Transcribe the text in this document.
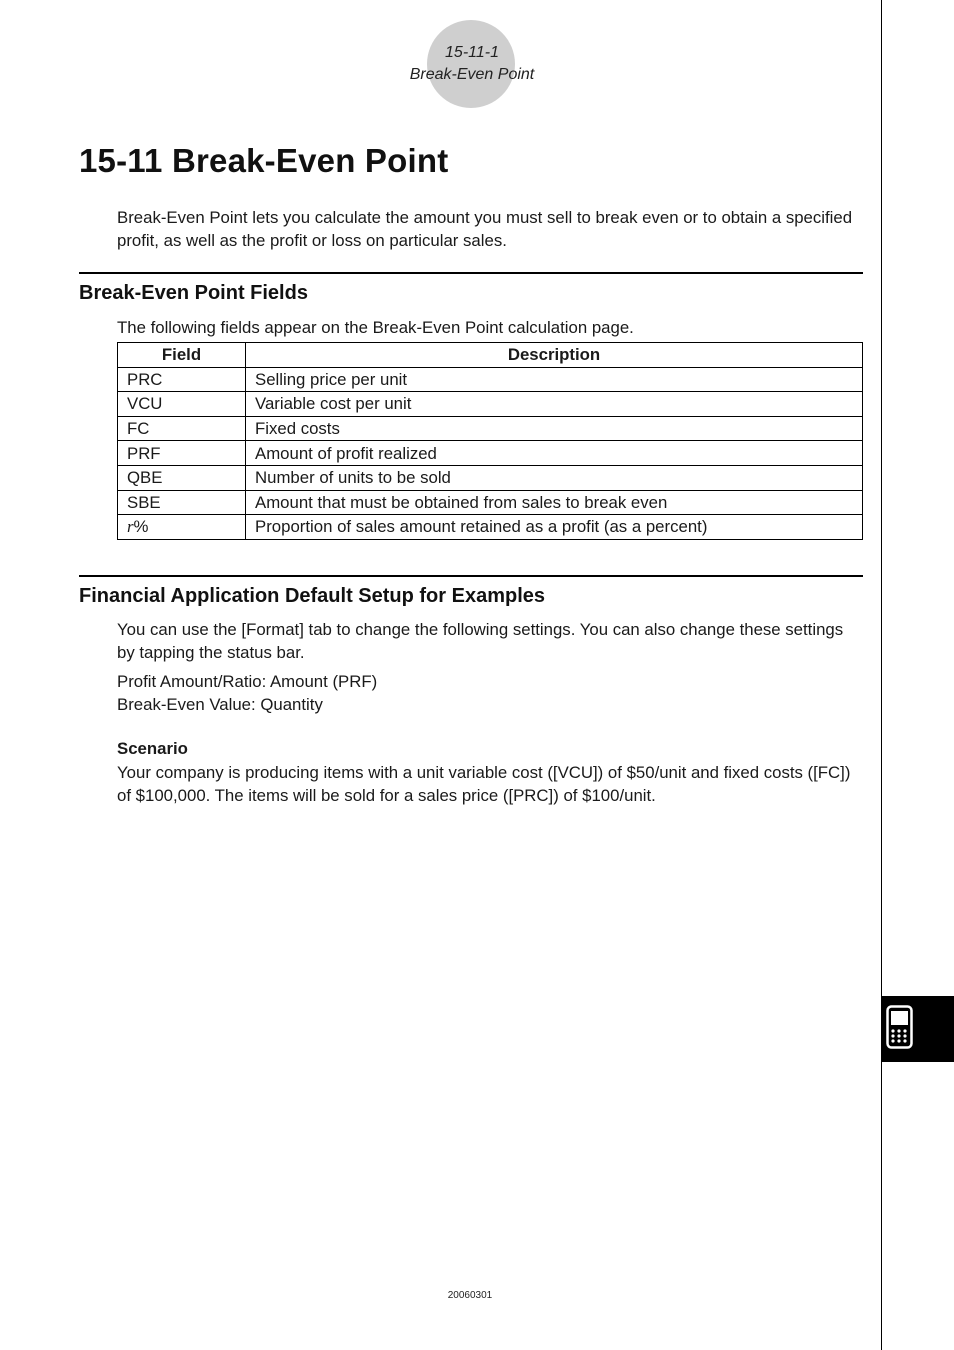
15-11-1
Break-Even Point
15-11 Break-Even Point

Break-Even Point lets you calculate the amount you must sell to break even or to obtain a specified profit, as well as the profit or loss on particular sales.

Break-Even Point Fields

The following fields appear on the Break-Even Point calculation page.

Field	Description
PRC	Selling price per unit
VCU	Variable cost per unit
FC	Fixed costs
PRF	Amount of profit realized
QBE	Number of units to be sold
SBE	Amount that must be obtained from sales to break even
r%	Proportion of sales amount retained as a profit (as a percent)
Financial Application Default Setup for Examples

You can use the [Format] tab to change the following settings. You can also change these settings by tapping the status bar.

Profit Amount/Ratio: Amount (PRF)

Break-Even Value: Quantity

Scenario

Your company is producing items with a unit variable cost ([VCU]) of $50/unit and fixed costs ([FC]) of $100,000. The items will be sold for a sales price ([PRC]) of $100/unit.

20060301
